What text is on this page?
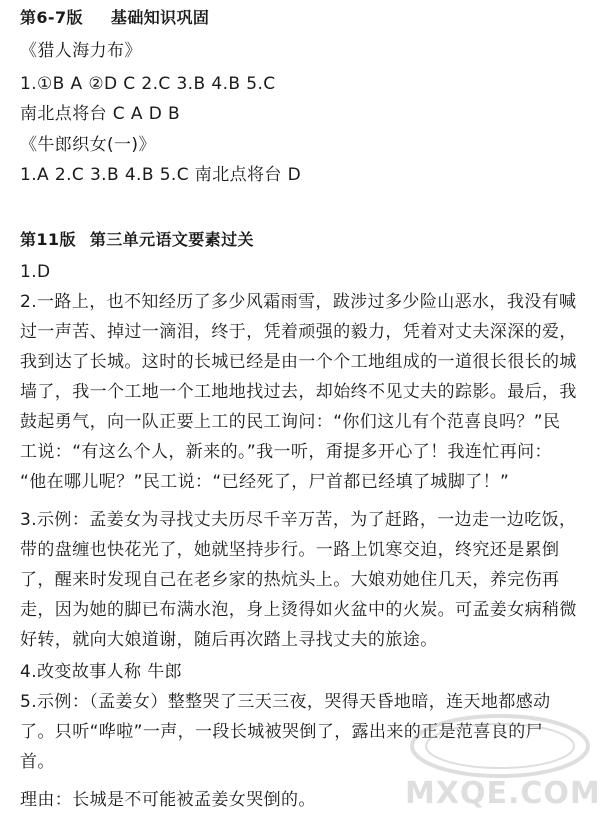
第6-7版 基础知识巩固
《猎人海力布》
1.①B A ②D C 2.C 3.B 4.B 5.C
南北点将台 C A D B
《牛郎织女(一)》
1.A 2.C 3.B 4.B 5.C 南北点将台 D
第11版 第三单元语文要素过关
1.D
2.一路上，也不知经历了多少风霜雨雪，跋涉过多少险山恶水，我没有喊
过一声苦、掉过一滴泪，终于，凭着顽强的毅力，凭着对丈夫深深的爱，
我到达了长城。这时的长城已经是由一个个工地组成的一道很长很长的城
墙了，我一个工地一个工地地找过去，却始终不见丈夫的踪影。最后，我
鼓起勇气，向一队正要上工的民工询问：“你们这儿有个范喜良吗？”民
工说：“有这么个人，新来的。”我一听，甭提多开心了！我连忙再问：
“他在哪儿呢？”民工说：“已经死了，尸首都已经填了城脚了！”
3.示例：孟姜女为寻找丈夫历尽千辛万苦，为了赶路，一边走一边吃饭，
带的盘缠也快花光了，她就坚持步行。一路上饥寒交迫，终究还是累倒
了，醒来时发现自己在老乡家的热炕头上。大娘劝她住几天，养完伤再
走，因为她的脚已布满水泡，身上烫得如火盆中的火炭。可孟姜女病稍微
好转，就向大娘道谢，随后再次踏上寻找丈夫的旅途。
4.改变故事人称 牛郎
5.示例：（孟姜女）整整哭了三天三夜，哭得天昏地暗，连天地都感动
了。只听“哗啦”一声，一段长城被哭倒了，露出来的正是范喜良的尸
首。
理由：长城是不可能被孟姜女哭倒的。	MXQE.COM
